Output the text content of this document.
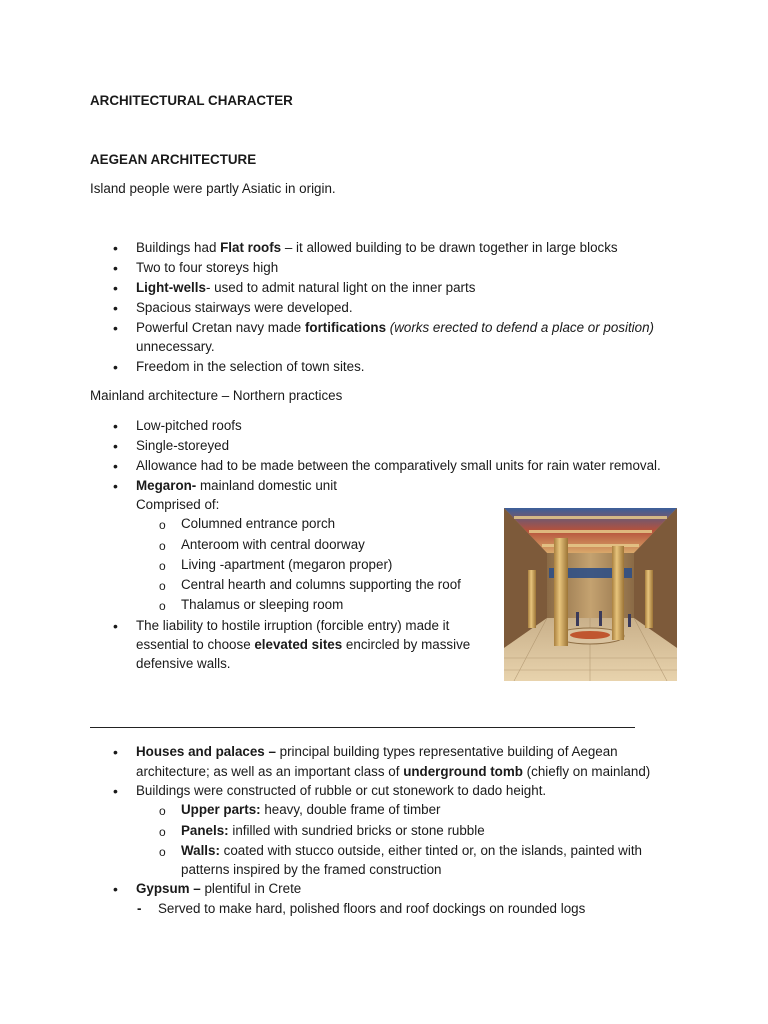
ARCHITECTURAL CHARACTER
AEGEAN ARCHITECTURE
Island people were partly Asiatic in origin.
• Buildings had Flat roofs – it allowed building to be drawn together in large blocks
• Two to four storeys high
• Light-wells- used to admit natural light on the inner parts
• Spacious stairways were developed.
• Powerful Cretan navy made fortifications (works erected to defend a place or position)
unnecessary.
• Freedom in the selection of town sites.
Mainland architecture – Northern practices
• Low-pitched roofs
• Single-storeyed
• Allowance had to be made between the comparatively small units for rain water removal.
• Megaron- mainland domestic unit
Comprised of:
o Columned entrance porch
o Anteroom with central doorway
o Living -apartment (megaron proper)
o Central hearth and columns supporting the roof
o Thalamus or sleeping room
• The liability to hostile irruption (forcible entry) made it
essential to choose elevated sites encircled by massive
defensive walls.
• Houses and palaces – principal building types representative building of Aegean
architecture; as well as an important class of underground tomb (chiefly on mainland)
• Buildings were constructed of rubble or cut stonework to dado height.
o Upper parts: heavy, double frame of timber
o Panels: infilled with sundried bricks or stone rubble
o Walls: coated with stucco outside, either tinted or, on the islands, painted with
patterns inspired by the framed construction
• Gypsum – plentiful in Crete
- Served to make hard, polished floors and roof dockings on rounded logs
